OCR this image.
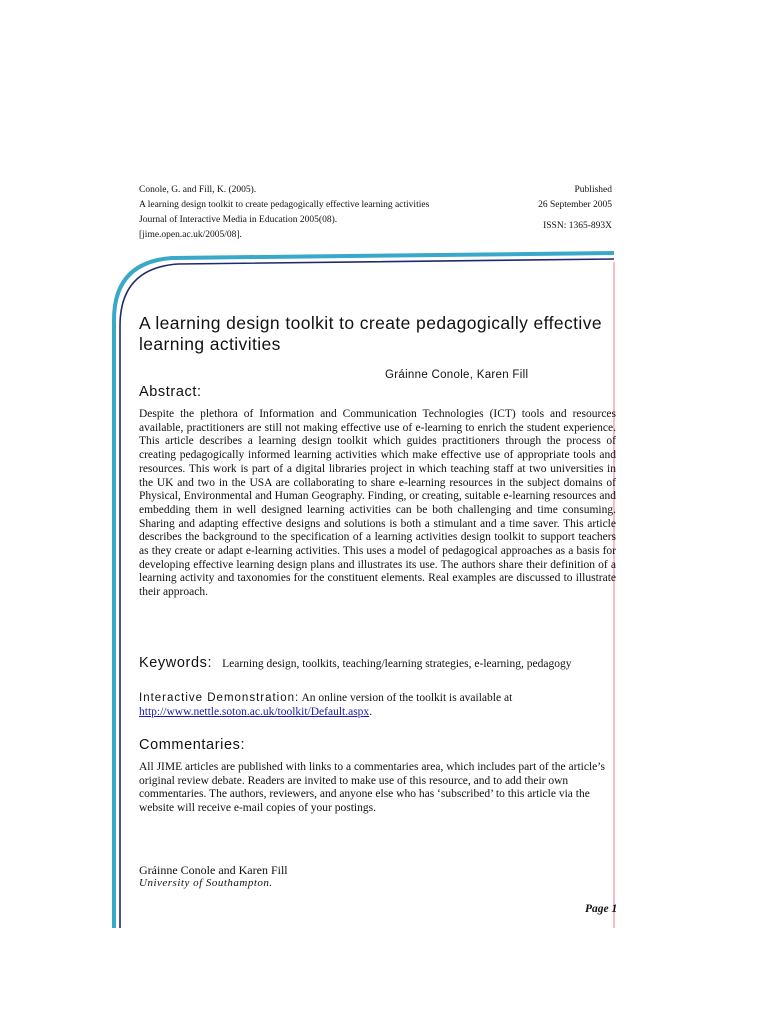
Conole, G. and Fill, K. (2005).
A learning design toolkit to create pedagogically effective learning activities
Journal of Interactive Media in Education 2005(08).
[jime.open.ac.uk/2005/08].
Published
26 September 2005
ISSN: 1365-893X
A learning design toolkit to create pedagogically effective learning activities
Gráinne Conole, Karen Fill
Abstract:
Despite the plethora of Information and Communication Technologies (ICT) tools and resources available, practitioners are still not making effective use of e-learning to enrich the student experience. This article describes a learning design toolkit which guides practitioners through the process of creating pedagogically informed learning activities which make effective use of appropriate tools and resources. This work is part of a digital libraries project in which teaching staff at two universities in the UK and two in the USA are collaborating to share e-learning resources in the subject domains of Physical, Environmental and Human Geography. Finding, or creating, suitable e-learning resources and embedding them in well designed learning activities can be both challenging and time consuming. Sharing and adapting effective designs and solutions is both a stimulant and a time saver. This article describes the background to the specification of a learning activities design toolkit to support teachers as they create or adapt e-learning activities. This uses a model of pedagogical approaches as a basis for developing effective learning design plans and illustrates its use. The authors share their definition of a learning activity and taxonomies for the constituent elements. Real examples are discussed to illustrate their approach.
Keywords: Learning design, toolkits, teaching/learning strategies, e-learning, pedagogy
Interactive Demonstration: An online version of the toolkit is available at
http://www.nettle.soton.ac.uk/toolkit/Default.aspx.
Commentaries:
All JIME articles are published with links to a commentaries area, which includes part of the article’s original review debate. Readers are invited to make use of this resource, and to add their own commentaries. The authors, reviewers, and anyone else who has ‘subscribed’ to this article via the website will receive e-mail copies of your postings.
Gráinne Conole and Karen Fill
University of Southampton.
Page 1
